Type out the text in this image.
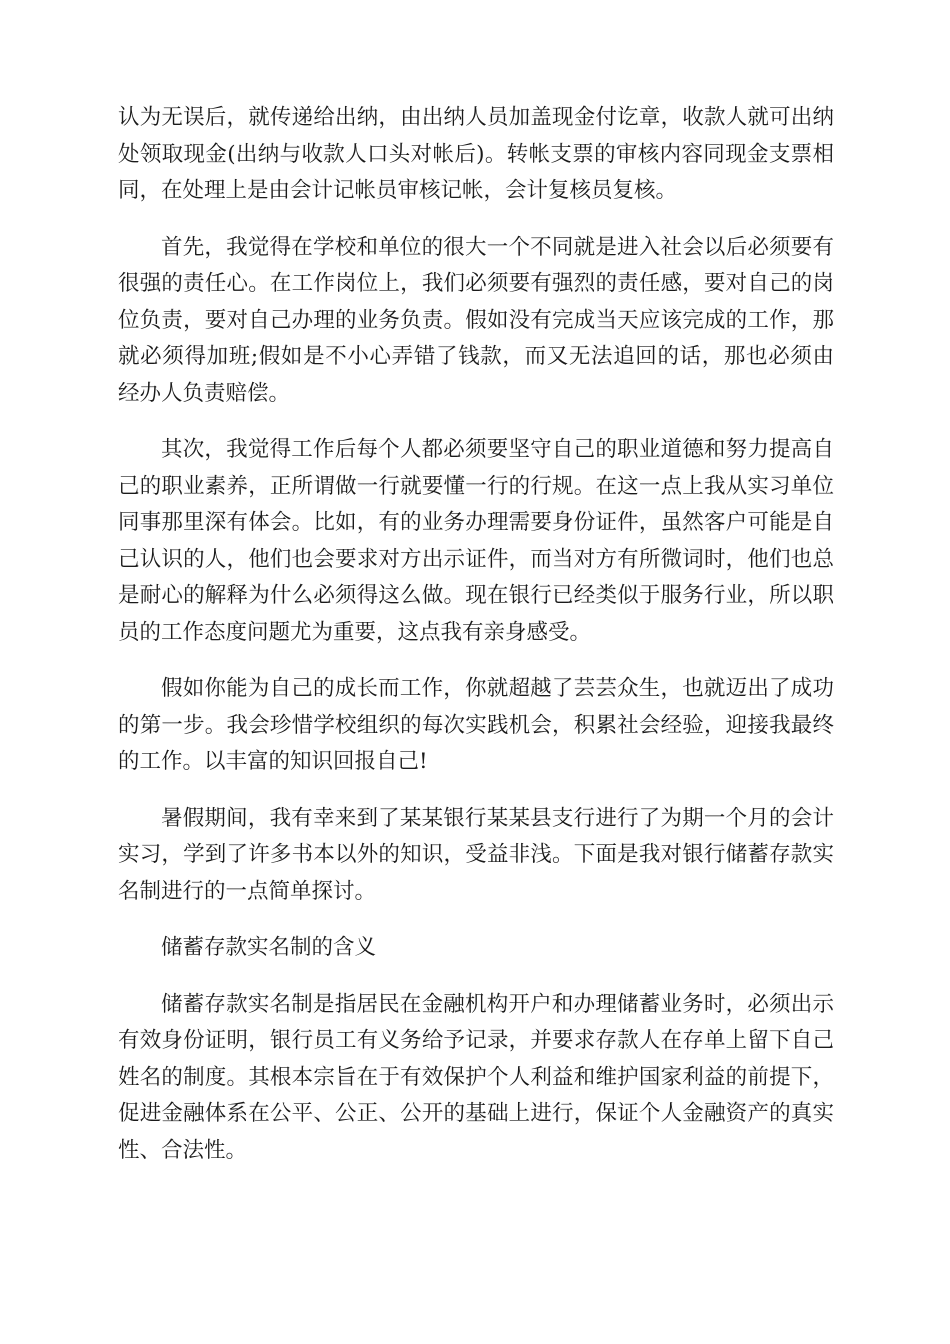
认为无误后，就传递给出纳，由出纳人员加盖现金付讫章，收款人就可出纳处领取现金(出纳与收款人口头对帐后)。转帐支票的审核内容同现金支票相同，在处理上是由会计记帐员审核记帐，会计复核员复核。

首先，我觉得在学校和单位的很大一个不同就是进入社会以后必须要有很强的责任心。在工作岗位上，我们必须要有强烈的责任感，要对自己的岗位负责，要对自己办理的业务负责。假如没有完成当天应该完成的工作，那就必须得加班;假如是不小心弄错了钱款，而又无法追回的话，那也必须由经办人负责赔偿。

其次，我觉得工作后每个人都必须要坚守自己的职业道德和努力提高自己的职业素养，正所谓做一行就要懂一行的行规。在这一点上我从实习单位同事那里深有体会。比如，有的业务办理需要身份证件，虽然客户可能是自己认识的人，他们也会要求对方出示证件，而当对方有所微词时，他们也总是耐心的解释为什么必须得这么做。现在银行已经类似于服务行业，所以职员的工作态度问题尤为重要，这点我有亲身感受。

假如你能为自己的成长而工作，你就超越了芸芸众生，也就迈出了成功的第一步。我会珍惜学校组织的每次实践机会，积累社会经验，迎接我最终的工作。以丰富的知识回报自己!

暑假期间，我有幸来到了某某银行某某县支行进行了为期一个月的会计实习，学到了许多书本以外的知识，受益非浅。下面是我对银行储蓄存款实名制进行的一点简单探讨。

储蓄存款实名制的含义

储蓄存款实名制是指居民在金融机构开户和办理储蓄业务时，必须出示有效身份证明，银行员工有义务给予记录，并要求存款人在存单上留下自己姓名的制度。其根本宗旨在于有效保护个人利益和维护国家利益的前提下，促进金融体系在公平、公正、公开的基础上进行，保证个人金融资产的真实性、合法性。
